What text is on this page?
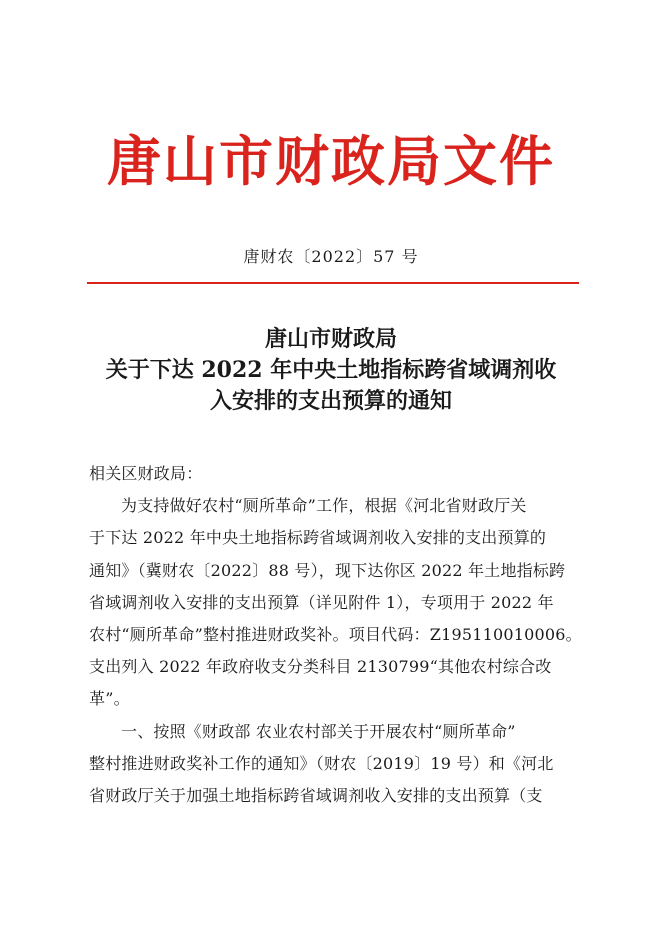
唐山市财政局文件
唐财农〔2022〕57 号
唐山市财政局
关于下达 2022 年中央土地指标跨省域调剂收
入安排的支出预算的通知
相关区财政局：
为支持做好农村“厕所革命”工作，根据《河北省财政厅关
于下达 2022 年中央土地指标跨省域调剂收入安排的支出预算的
通知》（冀财农〔2022〕88 号），现下达你区 2022 年土地指标跨
省域调剂收入安排的支出预算（详见附件 1），专项用于 2022 年
农村“厕所革命”整村推进财政奖补。项目代码：Z195110010006。
支出列入 2022 年政府收支分类科目 2130799“其他农村综合改
革”。
一、按照《财政部 农业农村部关于开展农村“厕所革命”
整村推进财政奖补工作的通知》（财农〔2019〕19 号）和《河北
省财政厅关于加强土地指标跨省域调剂收入安排的支出预算（支
